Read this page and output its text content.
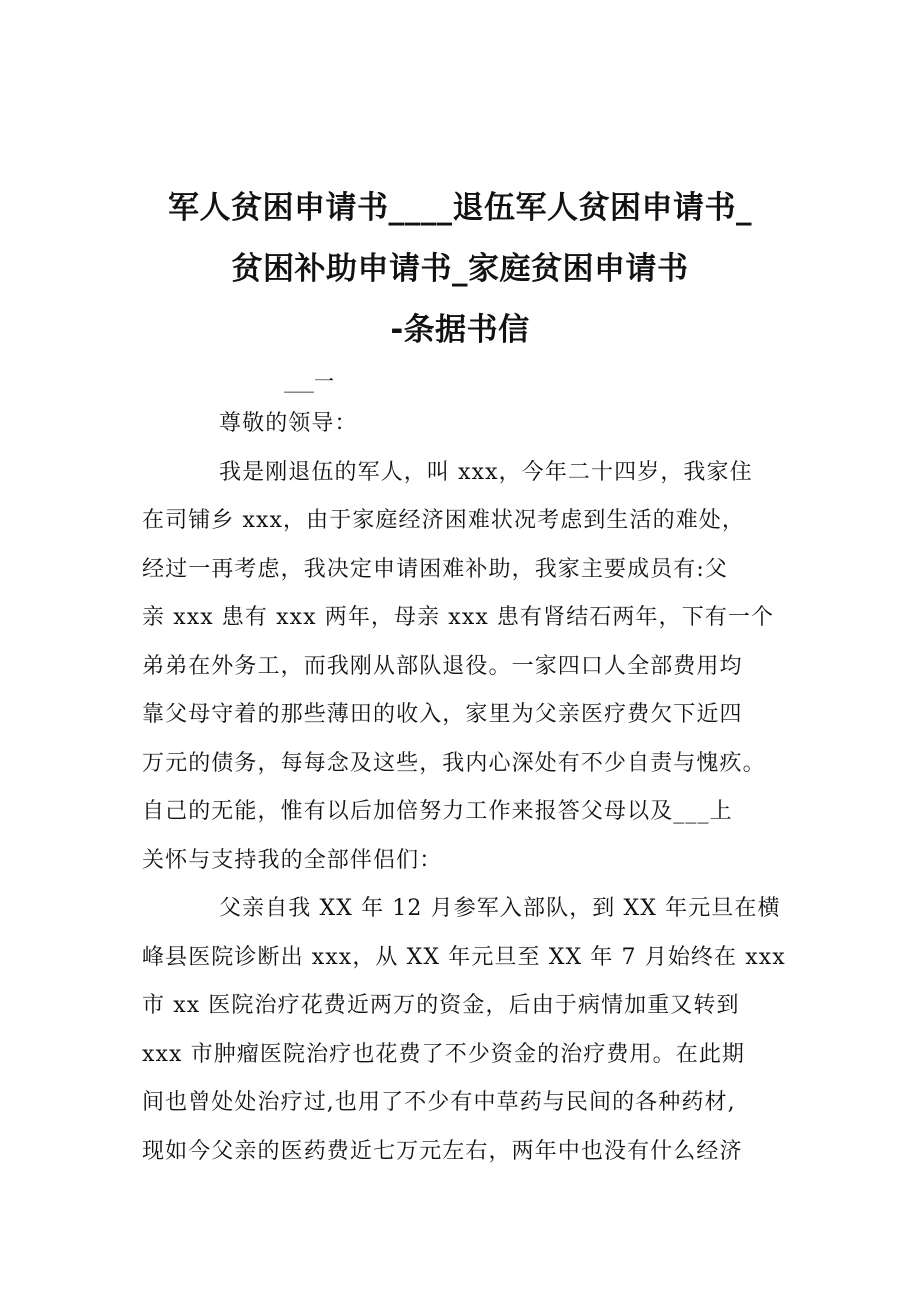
军人贫困申请书____退伍军人贫困申请书_
贫困补助申请书_家庭贫困申请书
-条据书信
___一
尊敬的领导：
我是刚退伍的军人，叫 xxx，今年二十四岁，我家住
在司铺乡 xxx，由于家庭经济困难状况考虑到生活的难处，
经过一再考虑，我决定申请困难补助，我家主要成员有:父
亲 xxx 患有 xxx 两年，母亲 xxx 患有肾结石两年，下有一个
弟弟在外务工，而我刚从部队退役。一家四口人全部费用均
靠父母守着的那些薄田的收入，家里为父亲医疗费欠下近四
万元的债务，每每念及这些，我内心深处有不少自责与愧疚。
自己的无能，惟有以后加倍努力工作来报答父母以及___上
关怀与支持我的全部伴侣们：
父亲自我 XX 年 12 月参军入部队，到 XX 年元旦在横
峰县医院诊断出 xxx，从 XX 年元旦至 XX 年 7 月始终在 xxx
市 xx 医院治疗花费近两万的资金，后由于病情加重又转到
xxx 市肿瘤医院治疗也花费了不少资金的治疗费用。在此期
间也曾处处治疗过,也用了不少有中草药与民间的各种药材,
现如今父亲的医药费近七万元左右，两年中也没有什么经济
